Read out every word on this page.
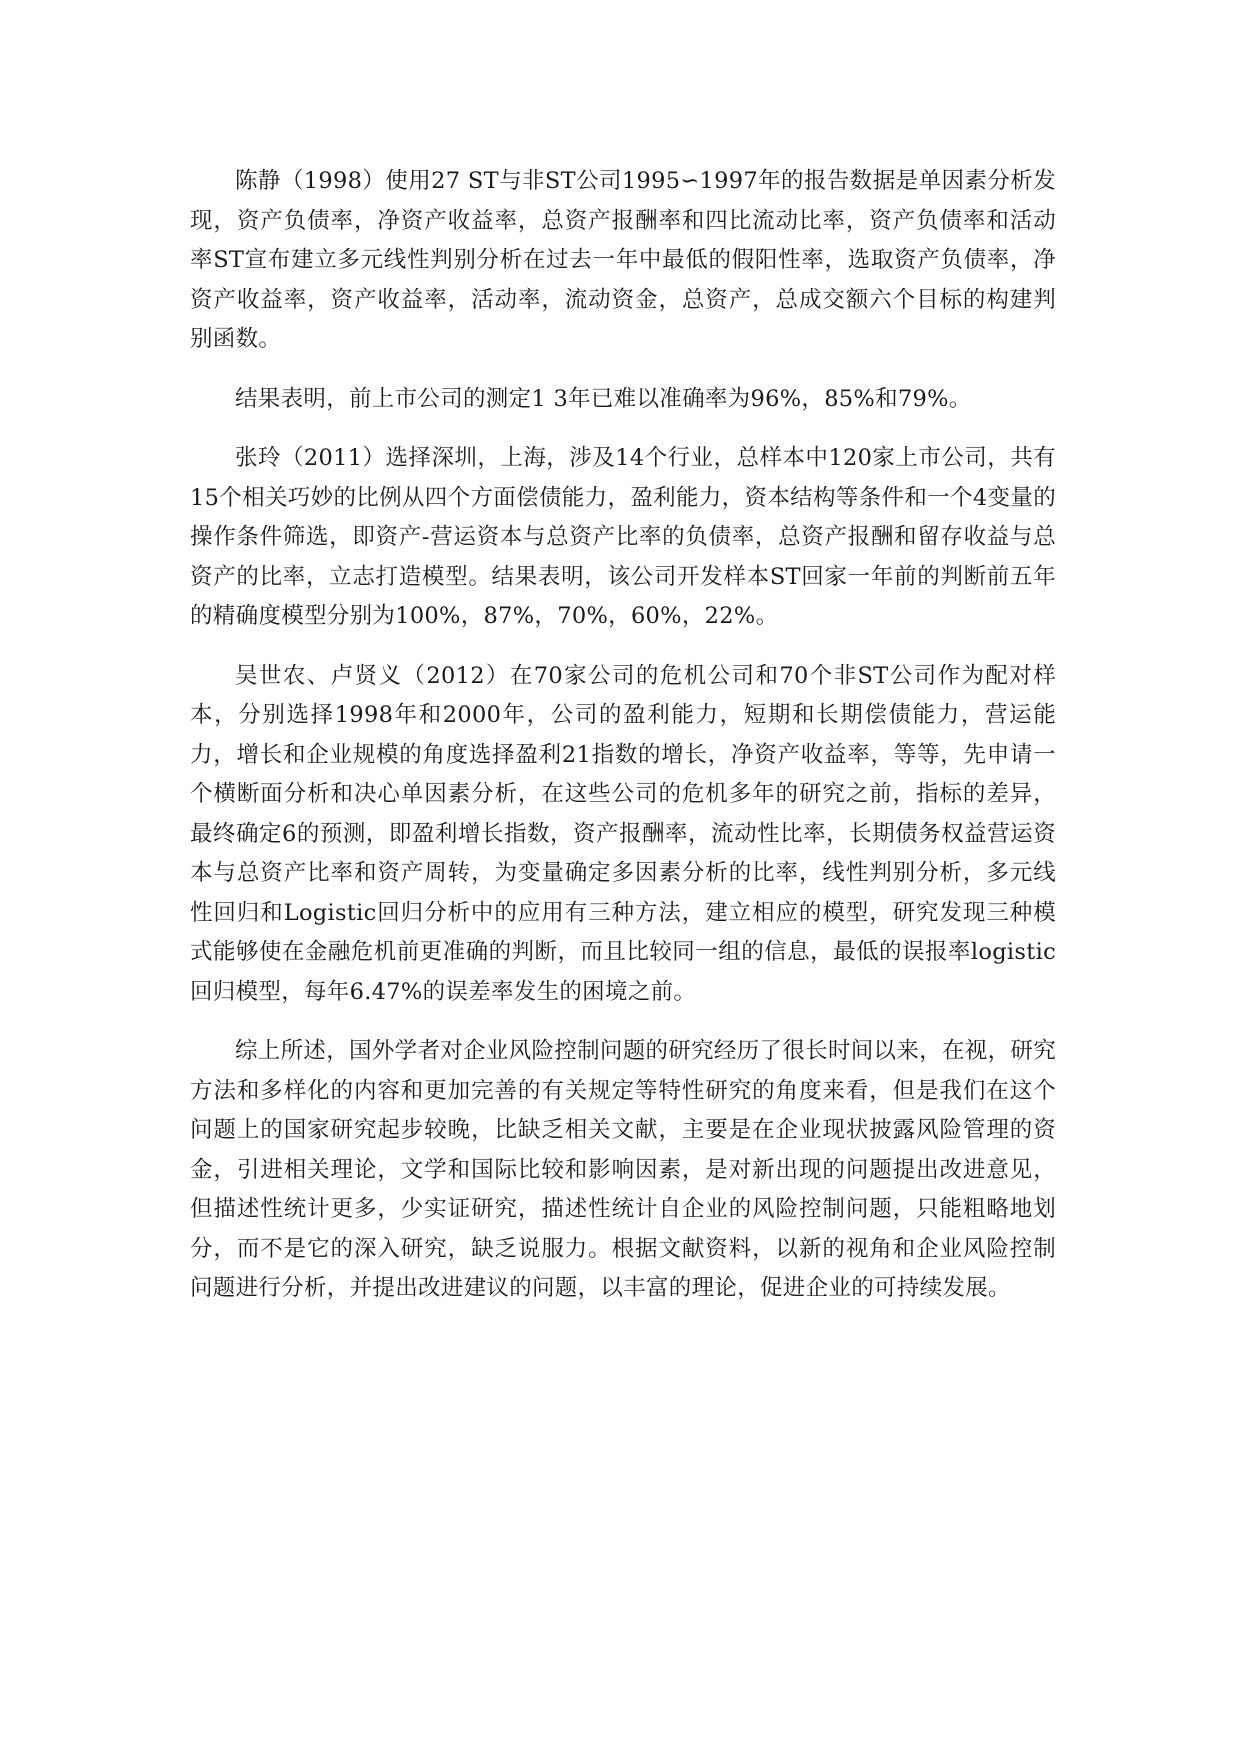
陈静（1998）使用27 ST与非ST公司1995∽1997年的报告数据是单因素分析发现，资产负债率，净资产收益率，总资产报酬率和四比流动比率，资产负债率和活动率ST宣布建立多元线性判别分析在过去一年中最低的假阳性率，选取资产负债率，净资产收益率，资产收益率，活动率，流动资金，总资产，总成交额六个目标的构建判别函数。

结果表明，前上市公司的测定1 3年已难以准确率为96%，85%和79%。

张玲（2011）选择深圳，上海，涉及14个行业，总样本中120家上市公司，共有15个相关巧妙的比例从四个方面偿债能力，盈利能力，资本结构等条件和一个4变量的操作条件筛选，即资产-营运资本与总资产比率的负债率，总资产报酬和留存收益与总资产的比率，立志打造模型。结果表明，该公司开发样本ST回家一年前的判断前五年的精确度模型分别为100%，87%，70%，60%，22%。

吴世农、卢贤义（2012）在70家公司的危机公司和70个非ST公司作为配对样本，分别选择1998年和2000年，公司的盈利能力，短期和长期偿债能力，营运能力，增长和企业规模的角度选择盈利21指数的增长，净资产收益率，等等，先申请一个横断面分析和决心单因素分析，在这些公司的危机多年的研究之前，指标的差异，最终确定6的预测，即盈利增长指数，资产报酬率，流动性比率，长期债务权益营运资本与总资产比率和资产周转，为变量确定多因素分析的比率，线性判别分析，多元线性回归和Logistic回归分析中的应用有三种方法，建立相应的模型，研究发现三种模式能够使在金融危机前更准确的判断，而且比较同一组的信息，最低的误报率logistic回归模型，每年6.47%的误差率发生的困境之前。

综上所述，国外学者对企业风险控制问题的研究经历了很长时间以来，在视，研究方法和多样化的内容和更加完善的有关规定等特性研究的角度来看，但是我们在这个问题上的国家研究起步较晚，比缺乏相关文献，主要是在企业现状披露风险管理的资金，引进相关理论，文学和国际比较和影响因素，是对新出现的问题提出改进意见，但描述性统计更多，少实证研究，描述性统计自企业的风险控制问题，只能粗略地划分，而不是它的深入研究，缺乏说服力。根据文献资料，以新的视角和企业风险控制问题进行分析，并提出改进建议的问题，以丰富的理论，促进企业的可持续发展。
